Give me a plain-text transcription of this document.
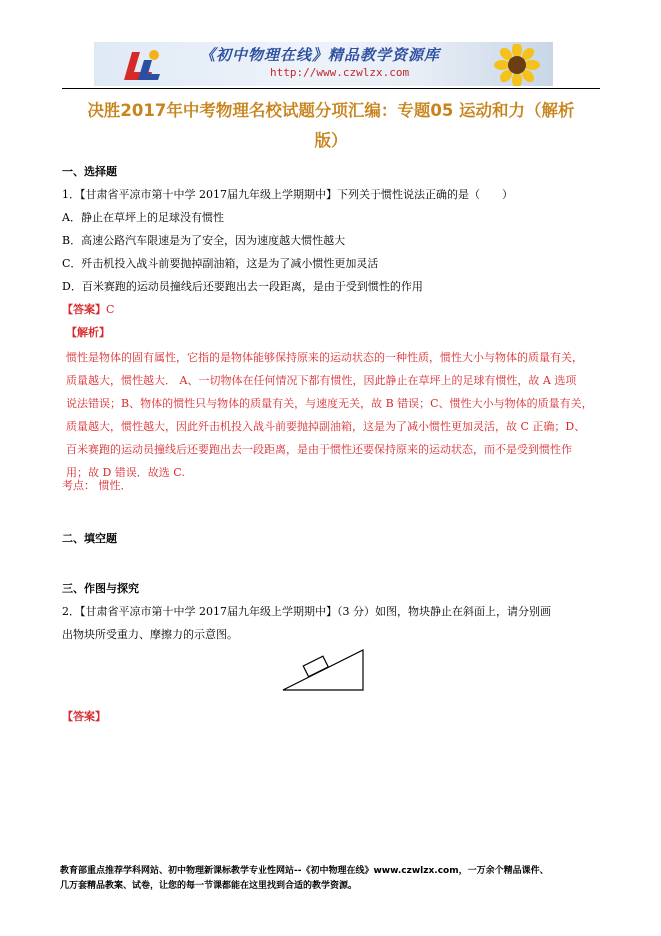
《初中物理在线》精品教学资源库
http://www.czwlzx.com
决胜2017年中考物理名校试题分项汇编：专题05 运动和力（解析
版）
一、选择题
1．【甘肃省平凉市第十中学 2017届九年级上学期期中】下列关于惯性说法正确的是（　　）
A．静止在草坪上的足球没有惯性
B．高速公路汽车限速是为了安全，因为速度越大惯性越大
C．歼击机投入战斗前要抛掉副油箱，这是为了减小惯性更加灵活
D．百米赛跑的运动员撞线后还要跑出去一段距离，是由于受到惯性的作用
【答案】C
【解析】
惯性是物体的固有属性，它指的是物体能够保持原来的运动状态的一种性质，惯性大小与物体的质量有关，
质量越大，惯性越大． A、一切物体在任何情况下都有惯性，因此静止在草坪上的足球有惯性，故 A 选项
说法错误；B、物体的惯性只与物体的质量有关，与速度无关，故 B 错误；C、惯性大小与物体的质量有关，
质量越大，惯性越大，因此歼击机投入战斗前要抛掉副油箱，这是为了减小惯性更加灵活，故 C 正确；D、
百米赛跑的运动员撞线后还要跑出去一段距离，是由于惯性还要保持原来的运动状态，而不是受到惯性作
用；故 D 错误．故选 C.
考点： 惯性．
二、填空题
三、作图与探究
2．【甘肃省平凉市第十中学 2017届九年级上学期期中】（3 分）如图，物块静止在斜面上，请分别画
出物块所受重力、摩擦力的示意图。
【答案】
教育部重点推荐学科网站、初中物理新课标教学专业性网站--《初中物理在线》www.czwlzx.com，一万余个精品课件、
几万套精品教案、试卷，让您的每一节课都能在这里找到合适的教学资源。
